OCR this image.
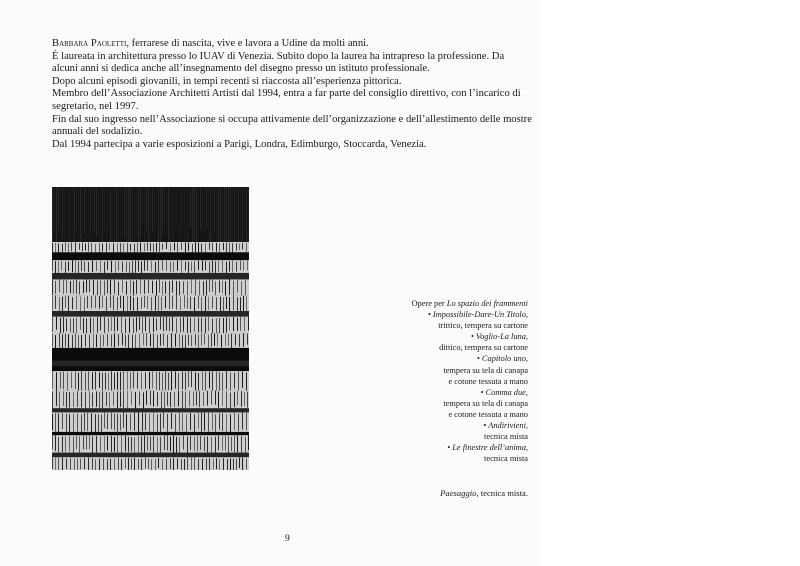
Barbara Paoletti, ferrarese di nascita, vive e lavora a Udine da molti anni.

È laureata in architettura presso lo IUAV di Venezia. Subito dopo la laurea ha intrapreso la professione. Da alcuni anni si dedica anche all’insegnamento del disegno presso un istituto professionale.

Dopo alcuni episodi giovanili, in tempi recenti si riaccosta all’esperienza pittorica.

Membro dell’Associazione Architetti Artisti dal 1994, entra a far parte del consiglio direttivo, con l’incarico di segretario, nel 1997.

Fin dal suo ingresso nell’Associazione si occupa attivamente dell’organizzazione e dell’allestimento delle mostre annuali del sodalizio.

Dal 1994 partecipa a varie esposizioni a Parigi, Londra, Edimburgo, Stoccarda, Venezia.

Opere per Lo spazio dei frammenti
• Impossibile-Dare-Un Titolo,
trittico, tempera su cartone
• Voglio-La luna,
dittico, tempera su cartone
• Capitolo uno,
tempera su tela di canapa
e cotone tessuta a mano
• Comma due,
tempera su tela di canapa
e cotone tessuta a mano
• Andirivieni,
tecnica mista
• Le finestre dell’anima,
tecnica mista
Paesaggio, tecnica mista.
9
